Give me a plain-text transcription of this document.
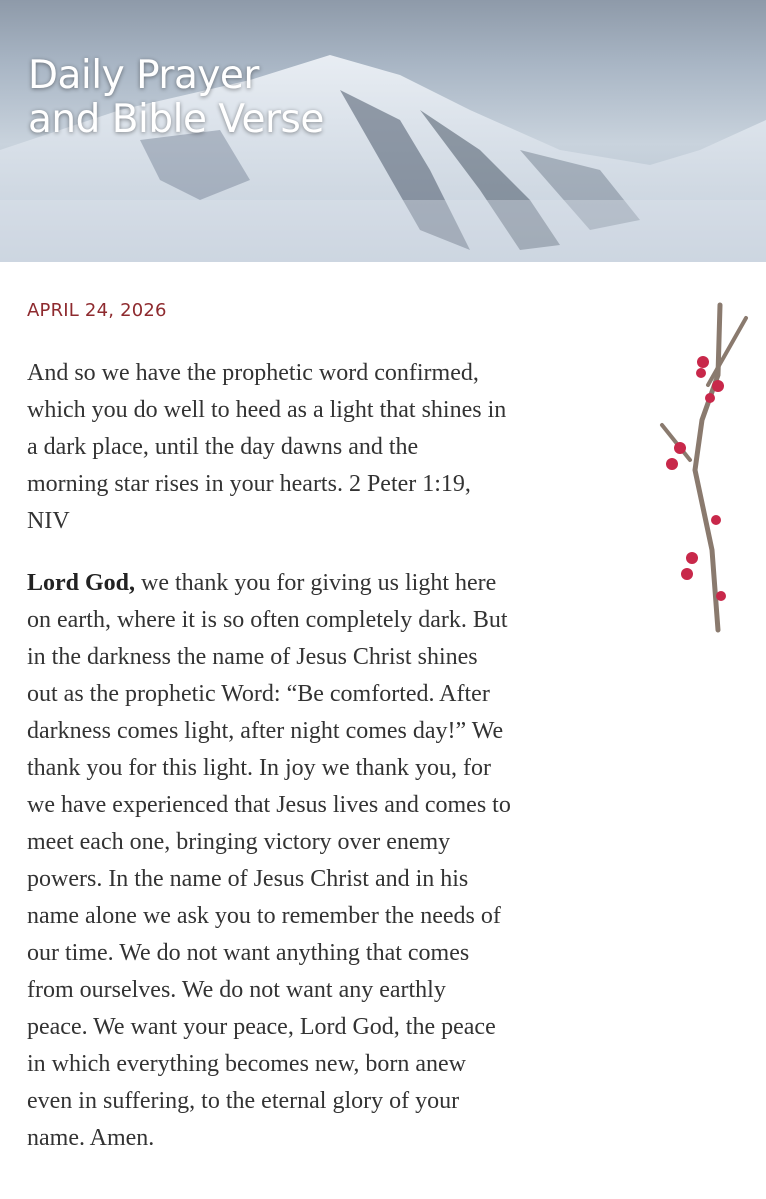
Daily Prayer
and Bible Verse
APRIL 24, 2026
And so we have the prophetic word confirmed,
which you do well to heed as a light that shines in
a dark place, until the day dawns and the
morning star rises in your hearts. 2 Peter 1:19,
NIV
Lord God, we thank you for giving us light here
on earth, where it is so often completely dark. But
in the darkness the name of Jesus Christ shines
out as the prophetic Word: “Be comforted. After
darkness comes light, after night comes day!” We
thank you for this light. In joy we thank you, for
we have experienced that Jesus lives and comes to
meet each one, bringing victory over enemy
powers. In the name of Jesus Christ and in his
name alone we ask you to remember the needs of
our time. We do not want anything that comes
from ourselves. We do not want any earthly
peace. We want your peace, Lord God, the peace
in which everything becomes new, born anew
even in suffering, to the eternal glory of your
name. Amen.
